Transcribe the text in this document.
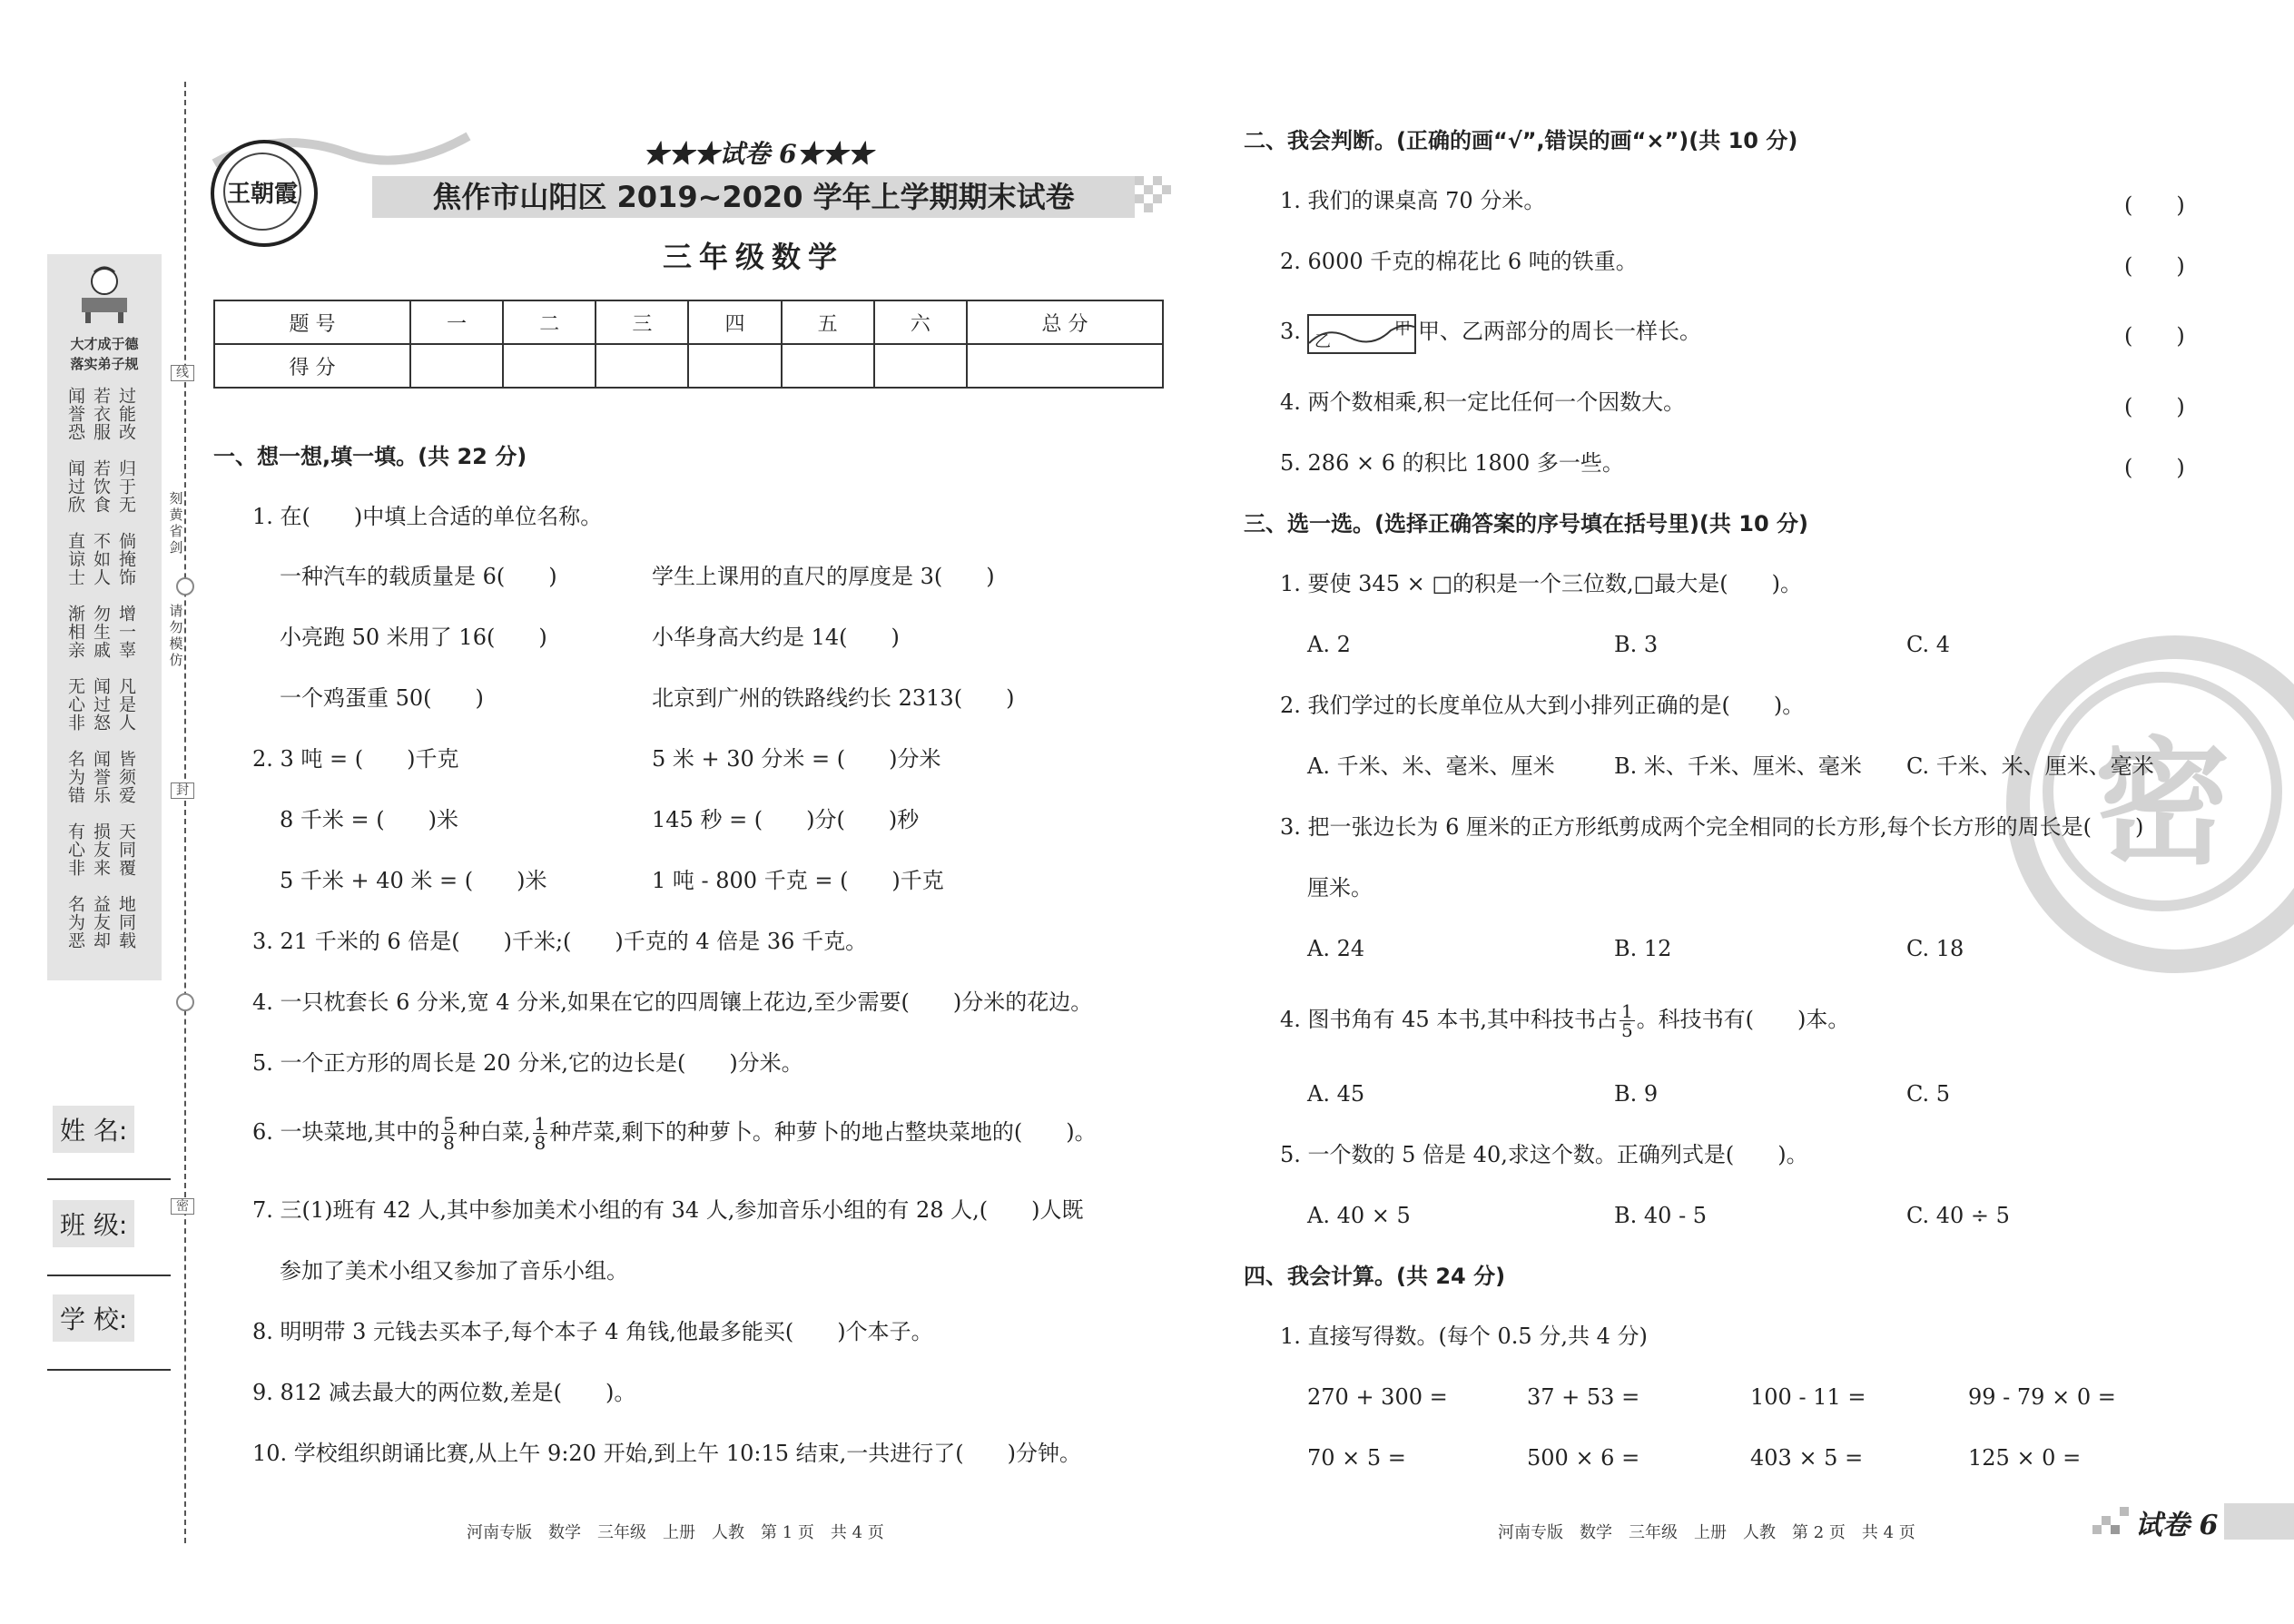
大才成于德
落实弟子规
闻誉恐 若衣服 过能改
闻过欣 若饮食 归于无
直谅士 不如人 倘掩饰
渐相亲 勿生戚 增一辜
无心非 闻过怒 凡是人
名为错 闻誉乐 皆须爱
有心非 损友来 天同覆
名为恶 益友却 地同载
线
封
密
刻黄省剑
请勿模仿
姓 名:
班 级:
学 校:
王朝霞
★★★试卷 6★★★
焦作市山阳区 2019~2020 学年上学期期末试卷
三年级数学
题 号	一	二	三	四	五	六	总 分
得 分							
一、想一想,填一填。(共 22 分)
1. 在(　　)中填上合适的单位名称。
一种汽车的载质量是 6(　　)	学生上课用的直尺的厚度是 3(　　)
小亮跑 50 米用了 16(　　)	小华身高大约是 14(　　)
一个鸡蛋重 50(　　)	北京到广州的铁路线约长 2313(　　)
2. 3 吨 = (　　)千克	5 米 + 30 分米 = (　　)分米
8 千米 = (　　)米	145 秒 = (　　)分(　　)秒
5 千米 + 40 米 = (　　)米	1 吨 - 800 千克 = (　　)千克
3. 21 千米的 6 倍是(　　)千米;(　　)千克的 4 倍是 36 千克。
4. 一只枕套长 6 分米,宽 4 分米,如果在它的四周镶上花边,至少需要(　　)分米的花边。
5. 一个正方形的周长是 20 分米,它的边长是(　　)分米。
6. 一块菜地,其中的 $\frac{5}{8}$ 种白菜, $\frac{1}{8}$ 种芹菜,剩下的种萝卜。种萝卜的地占整块菜地的(　　)。
7. 三(1)班有 42 人,其中参加美术小组的有 34 人,参加音乐小组的有 28 人,(　　)人既
参加了美术小组又参加了音乐小组。
8. 明明带 3 元钱去买本子,每个本子 4 角钱,他最多能买(　　)个本子。
9. 812 减去最大的两位数,差是(　　)。
10. 学校组织朗诵比赛,从上午 9:20 开始,到上午 10:15 结束,一共进行了(　　)分钟。
河南专版　数学　三年级　上册　人教　第 1 页　共 4 页
密
二、我会判断。(正确的画“√”,错误的画“×”)(共 10 分)
1. 我们的课桌高 70 分米。	(　　)
2. 6000 千克的棉花比 6 吨的铁重。	(　　)
3.	甲
乙	甲、乙两部分的周长一样长。	(　　)
4. 两个数相乘,积一定比任何一个因数大。	(　　)
5. 286 × 6 的积比 1800 多一些。	(　　)
三、选一选。(选择正确答案的序号填在括号里)(共 10 分)
1. 要使 345 × □的积是一个三位数,□最大是(　　)。
A. 2	B. 3	C. 4
2. 我们学过的长度单位从大到小排列正确的是(　　)。
A. 千米、米、毫米、厘米	B. 米、千米、厘米、毫米 C. 千米、米、厘米、毫米
3. 把一张边长为 6 厘米的正方形纸剪成两个完全相同的长方形,每个长方形的周长是(　　)
厘米。
A. 24	B. 12	C. 18
4. 图书角有 45 本书,其中科技书占 $\frac{1}{5}$ 。科技书有(　　)本。
A. 45	B. 9	C. 5
5. 一个数的 5 倍是 40,求这个数。正确列式是(　　)。
A. 40 × 5	B. 40 - 5	C. 40 ÷ 5
四、我会计算。(共 24 分)
1. 直接写得数。(每个 0.5 分,共 4 分)
270 + 300 =	37 + 53 =	100 - 11 =	99 - 79 × 0 =
70 × 5 =	500 × 6 =	403 × 5 =	125 × 0 =
河南专版　数学　三年级　上册　人教　第 2 页　共 4 页	试卷 6
